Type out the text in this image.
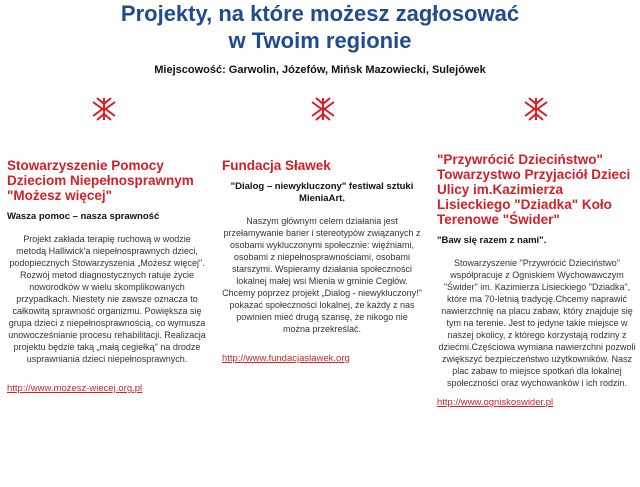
Projekty, na które możesz zagłosować
w Twoim regionie
Miejscowość: Garwolin, Józefów, Mińsk Mazowiecki, Sulejówek
Stowarzyszenie Pomocy Dzieciom Niepełnosprawnym "Możesz więcej"

Wasza pomoc – nasza sprawność

Projekt zakłada terapię ruchową w wodzie metodą Halliwick'a niepełnosprawnych dzieci, podopiecznych Stowarzyszenia „Możesz więcej". Rozwój metod diagnostycznych ratuje życie noworodków w wielu skomplikowanych przypadkach. Niestety nie zawsze oznacza to całkowitą sprawność organizmu. Powiększa się grupa dzieci z niepełnosprawnością, co wymusza unowocześnianie procesu rehabilitacji. Realizacja projektu będzie taką „małą cegiełką" na drodze usprawniania dzieci niepełnosprawnych.

http://www.mozesz-wiecej.org.pl
Fundacja Sławek

"Dialog – niewykluczony" festiwal sztuki MieniaArt.

Naszym głównym celem działania jest przełamywanie barier i stereotypów związanych z osobami wykluczonymi społecznie: więźniami, osobami z niepełnosprawnościami, osobami starszymi. Wspieramy działania społeczności lokalnej małej wsi Mienia w gminie Cegłów. Chcemy poprzez projekt „Dialog - niewykluczony!" pokazać społeczności lokalnej, że każdy z nas powinien mieć drugą szansę, że nikogo nie można przekreślać.

http://www.fundacjaslawek.org
"Przywrócić Dzieciństwo" Towarzystwo Przyjaciół Dzieci Ulicy im.Kazimierza Lisieckiego "Dziadka" Koło Terenowe "Świder"

"Baw się razem z nami".

Stowarzyszenie "Przywrócić Dzieciństwo" współpracuje z Ogniskiem Wychowawczym "Świder" im. Kazimierza Lisieckiego "Dziadka", które ma 70-letnią tradycję.Chcemy naprawić nawierzchnię na placu zabaw, który znajduje się tym na terenie. Jest to jedyne takie miejsce w naszej okolicy, z którego korzystają rodziny z dziećmi.Częściowa wymiana nawierzchni pozwoli zwiększyć bezpieczeństwo użytkowników. Nasz plac zabaw to miejsce spotkań dla lokalnej społeczności oraz wychowanków i ich rodzin.

http://www.ogniskoswider.pl
